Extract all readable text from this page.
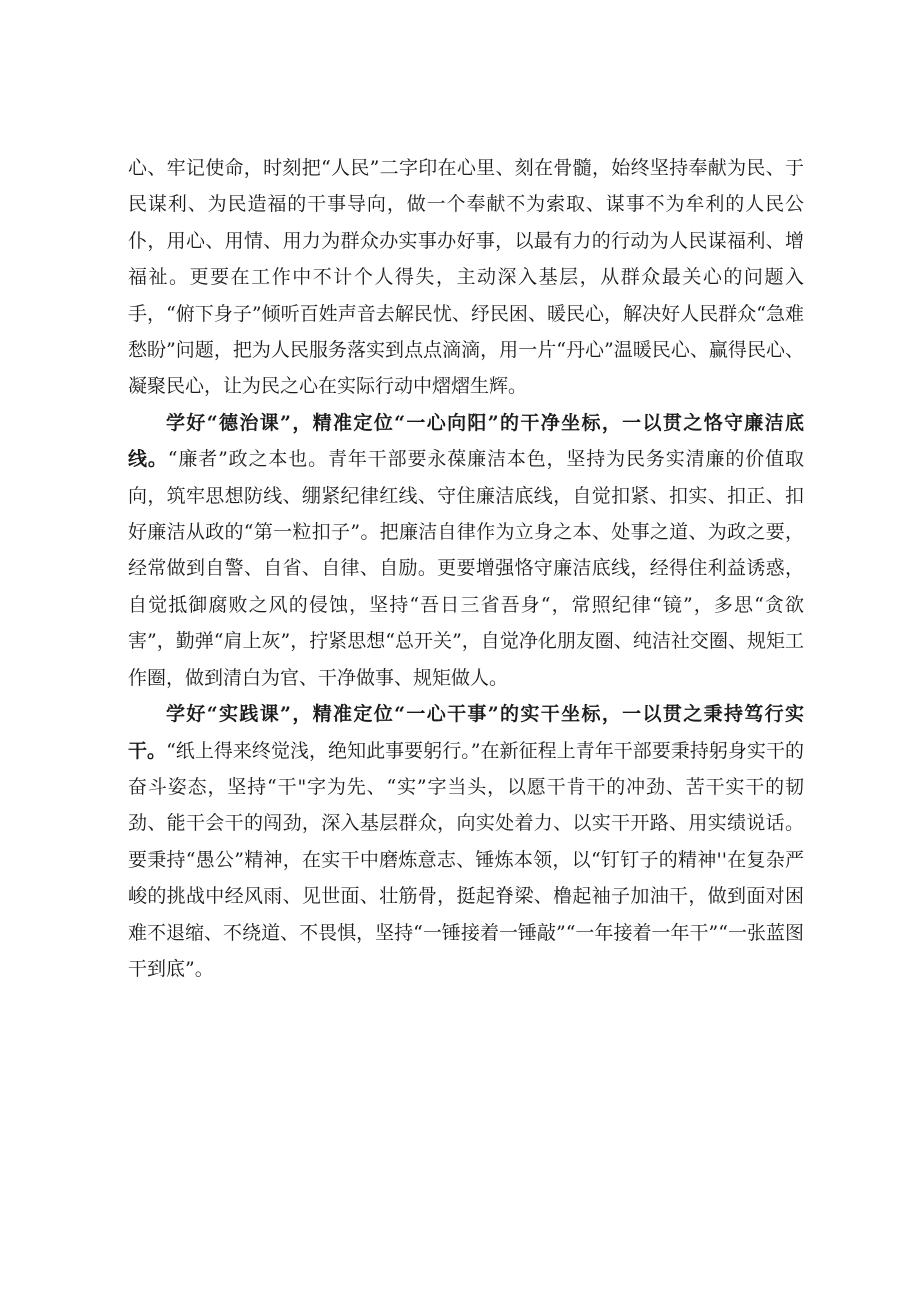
心、牢记使命，时刻把“人民”二字印在心里、刻在骨髓，始终坚持奉献为民、于民谋利、为民造福的干事导向，做一个奉献不为索取、谋事不为牟利的人民公仆，用心、用情、用力为群众办实事办好事，以最有力的行动为人民谋福利、增福祉。更要在工作中不计个人得失，主动深入基层，从群众最关心的问题入手，“俯下身子”倾听百姓声音去解民忧、纾民困、暖民心，解决好人民群众“急难愁盼”问题，把为人民服务落实到点点滴滴，用一片“丹心”温暖民心、赢得民心、凝聚民心，让为民之心在实际行动中熠熠生辉。

学好“德治课”，精准定位“一心向阳”的干净坐标，一以贯之恪守廉洁底线。“廉者”政之本也。青年干部要永葆廉洁本色，坚持为民务实清廉的价值取向，筑牢思想防线、绷紧纪律红线、守住廉洁底线，自觉扣紧、扣实、扣正、扣好廉洁从政的“第一粒扣子”。把廉洁自律作为立身之本、处事之道、为政之要，经常做到自警、自省、自律、自励。更要增强恪守廉洁底线，经得住利益诱惑，自觉抵御腐败之风的侵蚀，坚持“吾日三省吾身“，常照纪律“镜”，多思“贪欲害”，勤弹“肩上灰”，拧紧思想“总开关”，自觉净化朋友圈、纯洁社交圈、规矩工作圈，做到清白为官、干净做事、规矩做人。

学好“实践课”，精准定位“一心干事”的实干坐标，一以贯之秉持笃行实干。“纸上得来终觉浅，绝知此事要躬行。”在新征程上青年干部要秉持躬身实干的奋斗姿态，坚持“干"字为先、“实”字当头，以愿干肯干的冲劲、苦干实干的韧劲、能干会干的闯劲，深入基层群众，向实处着力、以实干开路、用实绩说话。要秉持“愚公”精神，在实干中磨炼意志、锤炼本领，以“钉钉子的精神''在复杂严峻的挑战中经风雨、见世面、壮筋骨，挺起脊梁、橹起袖子加油干，做到面对困难不退缩、不绕道、不畏惧，坚持“一锤接着一锤敲”“一年接着一年干”“一张蓝图干到底”。
